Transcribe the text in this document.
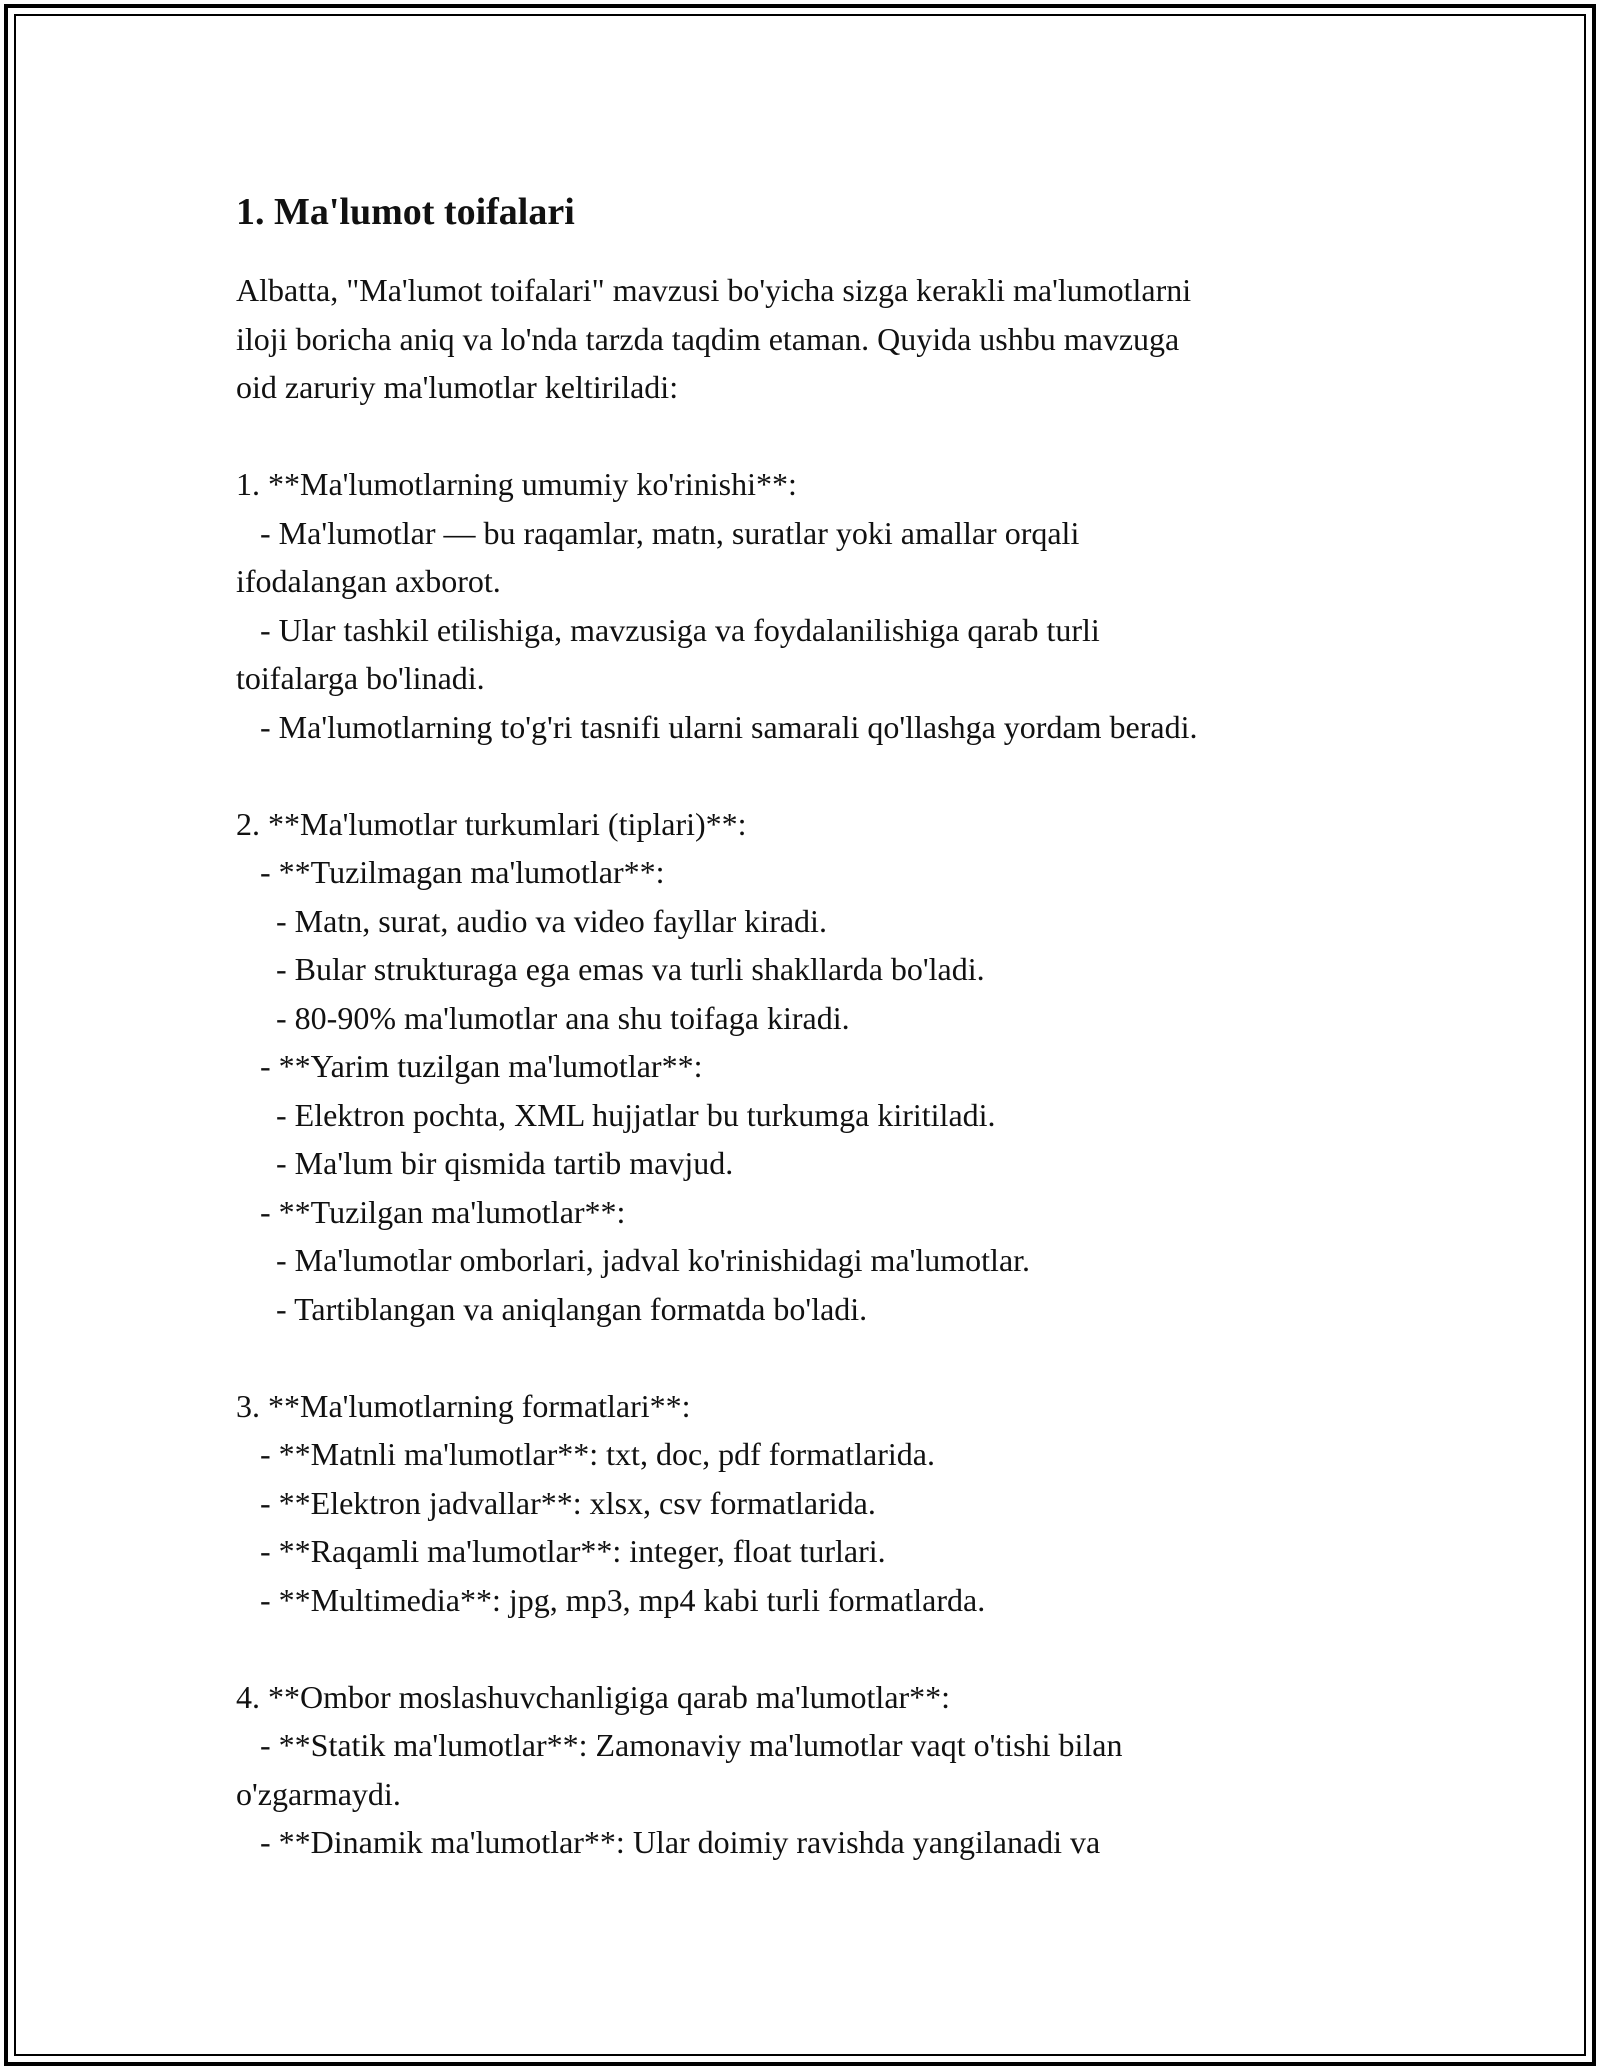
1. Ma'lumot toifalari
Albatta, "Ma'lumot toifalari" mavzusi bo'yicha sizga kerakli ma'lumotlarni
iloji boricha aniq va lo'nda tarzda taqdim etaman. Quyida ushbu mavzuga
oid zaruriy ma'lumotlar keltiriladi:

1. **Ma'lumotlarning umumiy ko'rinishi**:
- Ma'lumotlar — bu raqamlar, matn, suratlar yoki amallar orqali
ifodalangan axborot.
- Ular tashkil etilishiga, mavzusiga va foydalanilishiga qarab turli
toifalarga bo'linadi.
- Ma'lumotlarning to'g'ri tasnifi ularni samarali qo'llashga yordam beradi.

2. **Ma'lumotlar turkumlari (tiplari)**:
- **Tuzilmagan ma'lumotlar**:
- Matn, surat, audio va video fayllar kiradi.
- Bular strukturaga ega emas va turli shakllarda bo'ladi.
- 80-90% ma'lumotlar ana shu toifaga kiradi.
- **Yarim tuzilgan ma'lumotlar**:
- Elektron pochta, XML hujjatlar bu turkumga kiritiladi.
- Ma'lum bir qismida tartib mavjud.
- **Tuzilgan ma'lumotlar**:
- Ma'lumotlar omborlari, jadval ko'rinishidagi ma'lumotlar.
- Tartiblangan va aniqlangan formatda bo'ladi.

3. **Ma'lumotlarning formatlari**:
- **Matnli ma'lumotlar**: txt, doc, pdf formatlarida.
- **Elektron jadvallar**: xlsx, csv formatlarida.
- **Raqamli ma'lumotlar**: integer, float turlari.
- **Multimedia**: jpg, mp3, mp4 kabi turli formatlarda.

4. **Ombor moslashuvchanligiga qarab ma'lumotlar**:
- **Statik ma'lumotlar**: Zamonaviy ma'lumotlar vaqt o'tishi bilan
o'zgarmaydi.
- **Dinamik ma'lumotlar**: Ular doimiy ravishda yangilanadi va
